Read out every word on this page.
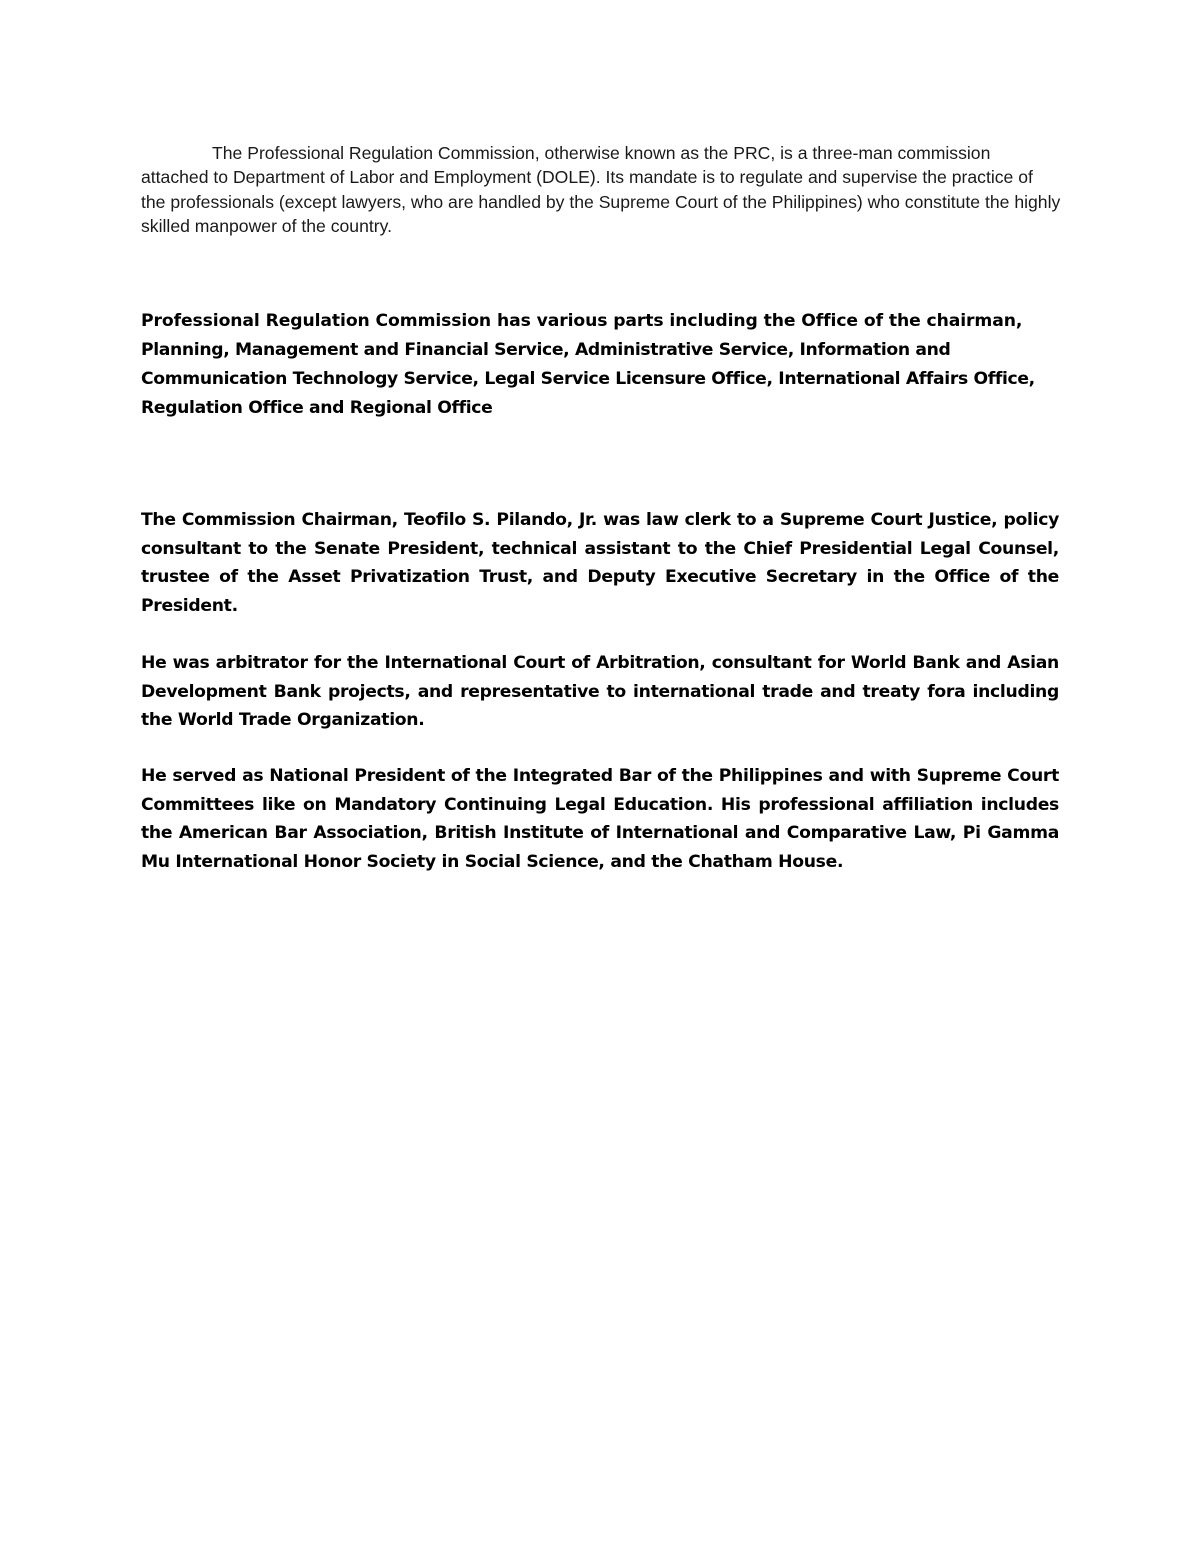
The Professional Regulation Commission, otherwise known as the PRC, is a three-man commission attached to Department of Labor and Employment (DOLE). Its mandate is to regulate and supervise the practice of the professionals (except lawyers, who are handled by the Supreme Court of the Philippines) who constitute the highly skilled manpower of the country.

Professional Regulation Commission has various parts including the Office of the chairman,
Planning, Management and Financial Service, Administrative Service, Information and Communication Technology Service, Legal Service Licensure Office, International Affairs Office, Regulation Office and Regional Office

The Commission Chairman, Teofilo S. Pilando, Jr. was law clerk to a Supreme Court Justice, policy consultant to the Senate President, technical assistant to the Chief Presidential Legal Counsel, trustee of the Asset Privatization Trust, and Deputy Executive Secretary in the Office of the President.

He was arbitrator for the International Court of Arbitration, consultant for World Bank and Asian Development Bank projects, and representative to international trade and treaty fora including the World Trade Organization.

He served as National President of the Integrated Bar of the Philippines and with Supreme Court Committees like on Mandatory Continuing Legal Education. His professional affiliation includes the American Bar Association, British Institute of International and Comparative Law, Pi Gamma Mu International Honor Society in Social Science, and the Chatham House.
